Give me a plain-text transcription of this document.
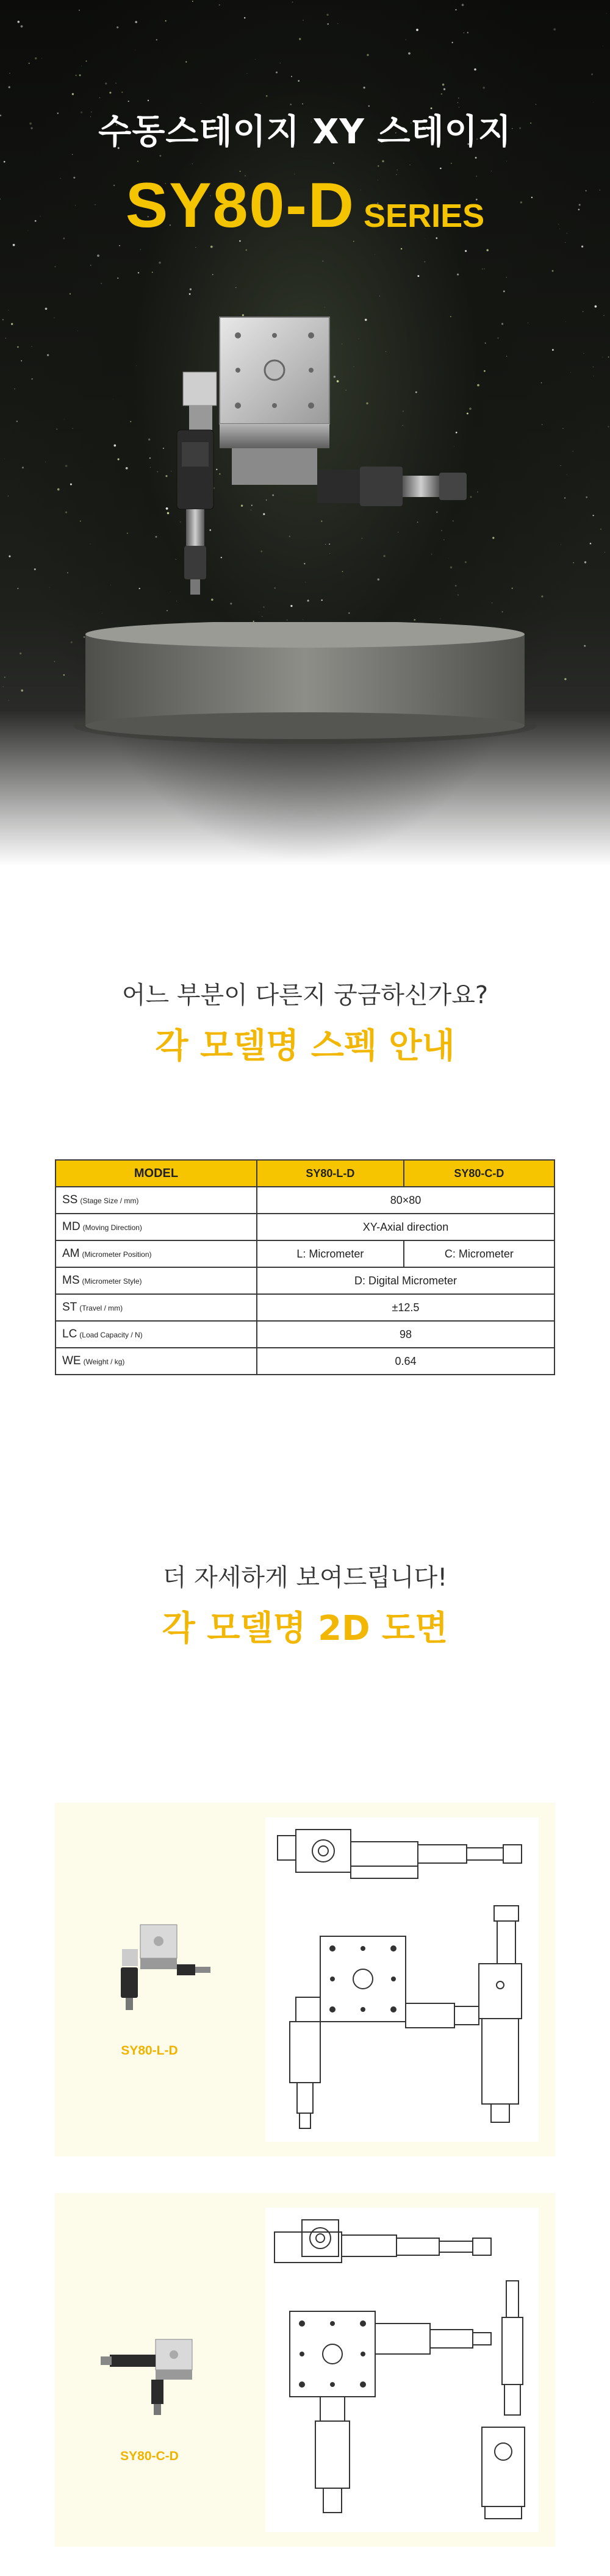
수동스테이지 XY 스테이지
SY80-D SERIES
어느 부분이 다른지 궁금하신가요?
각 모델명 스펙 안내
MODEL	SY80-L-D	SY80-C-D
SS (Stage Size / mm)	80×80	
MD (Moving Direction)	XY-Axial direction	
AM (Micrometer Position)	L: Micrometer	C: Micrometer
MS (Micrometer Style)	D: Digital Micrometer	
ST (Travel / mm)	±12.5	
LC (Load Capacity / N)	98	
WE (Weight / kg)	0.64	
더 자세하게 보여드립니다!
각 모델명 2D 도면
SY80-L-D
SY80-C-D
